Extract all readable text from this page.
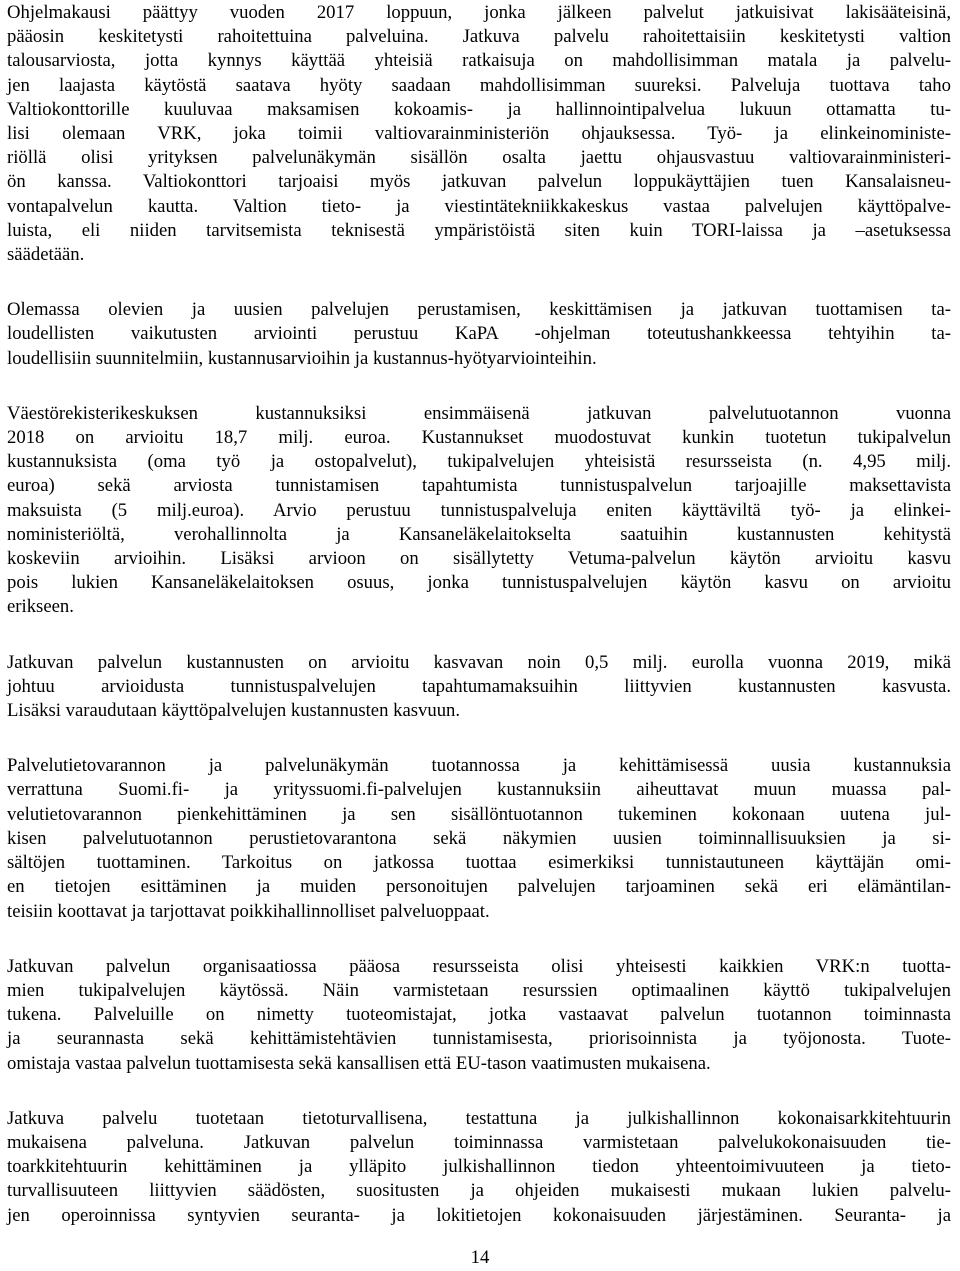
Ohjelmakausi päättyy vuoden 2017 loppuun, jonka jälkeen palvelut jatkuisivat lakisääteisinä,
pääosin keskitetysti rahoitettuina palveluina. Jatkuva palvelu rahoitettaisiin keskitetysti valtion
talousarviosta, jotta kynnys käyttää yhteisiä ratkaisuja on mahdollisimman matala ja palvelu-
jen laajasta käytöstä saatava hyöty saadaan mahdollisimman suureksi. Palveluja tuottava taho
Valtiokonttorille kuuluvaa maksamisen kokoamis- ja hallinnointipalvelua lukuun ottamatta tu-
lisi olemaan VRK, joka toimii valtiovarainministeriön ohjauksessa. Työ- ja elinkeinoministe-
riöllä olisi yrityksen palvelunäkymän sisällön osalta jaettu ohjausvastuu valtiovarainministeri-
ön kanssa. Valtiokonttori tarjoaisi myös jatkuvan palvelun loppukäyttäjien tuen Kansalaisneu-
vontapalvelun kautta. Valtion tieto- ja viestintätekniikkakeskus vastaa palvelujen käyttöpalve-
luista, eli niiden tarvitsemista teknisestä ympäristöistä siten kuin TORI-laissa ja –asetuksessa
säädetään.

Olemassa olevien ja uusien palvelujen perustamisen, keskittämisen ja jatkuvan tuottamisen ta-
loudellisten vaikutusten arviointi perustuu KaPA -ohjelman toteutushankkeessa tehtyihin ta-
loudellisiin suunnitelmiin, kustannusarvioihin ja kustannus-hyötyarviointeihin.

Väestörekisterikeskuksen kustannuksiksi ensimmäisenä jatkuvan palvelutuotannon vuonna
2018 on arvioitu 18,7 milj. euroa. Kustannukset muodostuvat kunkin tuotetun tukipalvelun
kustannuksista (oma työ ja ostopalvelut), tukipalvelujen yhteisistä resursseista (n. 4,95 milj.
euroa) sekä arviosta tunnistamisen tapahtumista tunnistuspalvelun tarjoajille maksettavista
maksuista (5 milj.euroa). Arvio perustuu tunnistuspalveluja eniten käyttäviltä työ- ja elinkei-
noministeriöltä, verohallinnolta ja Kansaneläkelaitokselta saatuihin kustannusten kehitystä
koskeviin arvioihin. Lisäksi arvioon on sisällytetty Vetuma-palvelun käytön arvioitu kasvu
pois lukien Kansaneläkelaitoksen osuus, jonka tunnistuspalvelujen käytön kasvu on arvioitu
erikseen.

Jatkuvan palvelun kustannusten on arvioitu kasvavan noin 0,5 milj. eurolla vuonna 2019, mikä
johtuu arvioidusta tunnistuspalvelujen tapahtumamaksuihin liittyvien kustannusten kasvusta.
Lisäksi varaudutaan käyttöpalvelujen kustannusten kasvuun.

Palvelutietovarannon ja palvelunäkymän tuotannossa ja kehittämisessä uusia kustannuksia
verrattuna Suomi.fi- ja yrityssuomi.fi-palvelujen kustannuksiin aiheuttavat muun muassa pal-
velutietovarannon pienkehittäminen ja sen sisällöntuotannon tukeminen kokonaan uutena jul-
kisen palvelutuotannon perustietovarantona sekä näkymien uusien toiminnallisuuksien ja si-
sältöjen tuottaminen. Tarkoitus on jatkossa tuottaa esimerkiksi tunnistautuneen käyttäjän omi-
en tietojen esittäminen ja muiden personoitujen palvelujen tarjoaminen sekä eri elämäntilan-
teisiin koottavat ja tarjottavat poikkihallinnolliset palveluoppaat.

Jatkuvan palvelun organisaatiossa pääosa resursseista olisi yhteisesti kaikkien VRK:n tuotta-
mien tukipalvelujen käytössä. Näin varmistetaan resurssien optimaalinen käyttö tukipalvelujen
tukena. Palveluille on nimetty tuoteomistajat, jotka vastaavat palvelun tuotannon toiminnasta
ja seurannasta sekä kehittämistehtävien tunnistamisesta, priorisoinnista ja työjonosta. Tuote-
omistaja vastaa palvelun tuottamisesta sekä kansallisen että EU-tason vaatimusten mukaisena.

Jatkuva palvelu tuotetaan tietoturvallisena, testattuna ja julkishallinnon kokonaisarkkitehtuurin
mukaisena palveluna. Jatkuvan palvelun toiminnassa varmistetaan palvelukokonaisuuden tie-
toarkkitehtuurin kehittäminen ja ylläpito julkishallinnon tiedon yhteentoimivuuteen ja tieto-
turvallisuuteen liittyvien säädösten, suositusten ja ohjeiden mukaisesti mukaan lukien palvelu-
jen operoinnissa syntyvien seuranta- ja lokitietojen kokonaisuuden järjestäminen. Seuranta- ja

14
